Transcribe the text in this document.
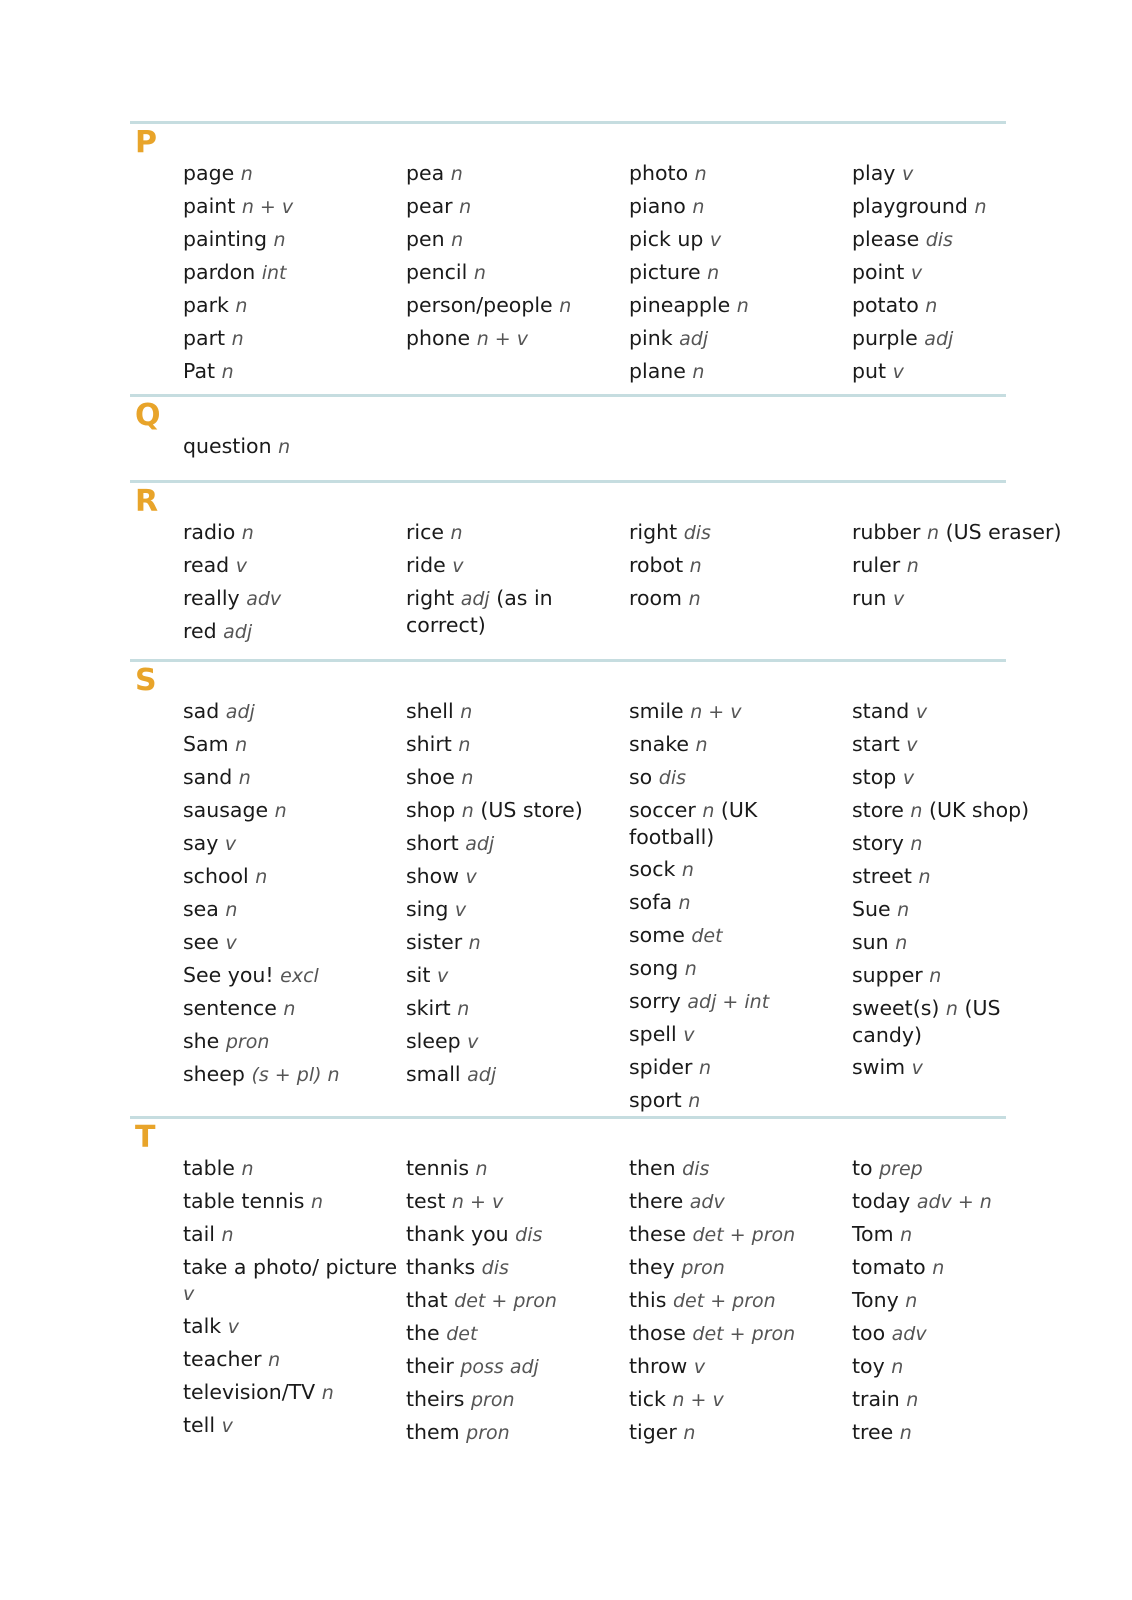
P
page n
paint n + v
painting n
pardon int
park n
part n
Pat n
pea n
pear n
pen n
pencil n
person/people n
phone n + v
photo n
piano n
pick up v
picture n
pineapple n
pink adj
plane n
play v
playground n
please dis
point v
potato n
purple adj
put v
Q
question n
R
radio n
read v
really adv
red adj
rice n
ride v
right adj (as in correct)
right dis
robot n
room n
rubber n (US eraser)
ruler n
run v
S
sad adj
Sam n
sand n
sausage n
say v
school n
sea n
see v
See you! excl
sentence n
she pron
sheep (s + pl) n
shell n
shirt n
shoe n
shop n (US store)
short adj
show v
sing v
sister n
sit v
skirt n
sleep v
small adj
smile n + v
snake n
so dis
soccer n (UK football)
sock n
sofa n
some det
song n
sorry adj + int
spell v
spider n
sport n
stand v
start v
stop v
store n (UK shop)
story n
street n
Sue n
sun n
supper n
sweet(s) n (US candy)
swim v
T
table n
table tennis n
tail n
take a photo/ picture v
talk v
teacher n
television/TV n
tell v
tennis n
test n + v
thank you dis
thanks dis
that det + pron
the det
their poss adj
theirs pron
them pron
then dis
there adv
these det + pron
they pron
this det + pron
those det + pron
throw v
tick n + v
tiger n
to prep
today adv + n
Tom n
tomato n
Tony n
too adv
toy n
train n
tree n
